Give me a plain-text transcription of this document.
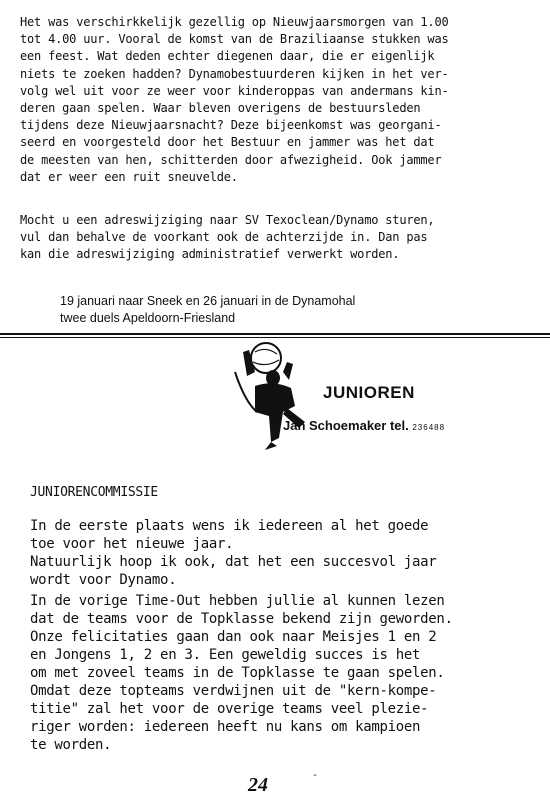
Het was verschirkkelijk gezellig op Nieuwjaarsmorgen van 1.00
tot 4.00 uur. Vooral de komst van de Braziliaanse stukken was
een feest. Wat deden echter diegenen daar, die er eigenlijk
niets te zoeken hadden? Dynamobestuurderen kijken in het ver-
volg wel uit voor ze weer voor kinderoppas van andermans kin-
deren gaan spelen. Waar bleven overigens de bestuursleden
tijdens deze Nieuwjaarsnacht? Deze bijeenkomst was georgani-
seerd en voorgesteld door het Bestuur en jammer was het dat
de meesten van hen, schitterden door afwezigheid. Ook jammer
dat er weer een ruit sneuvelde.

Mocht u een adreswijziging naar SV Texoclean/Dynamo sturen,
vul dan behalve de voorkant ook de achterzijde in. Dan pas
kan die adreswijziging administratief verwerkt worden.

19 januari naar Sneek en 26 januari in de Dynamohal
twee duels Apeldoorn-Friesland
JUNIOREN
Jan Schoemaker tel. 236488

JUNIORENCOMMISSIE

In de eerste plaats wens ik iedereen al het goede
toe voor het nieuwe jaar.
Natuurlijk hoop ik ook, dat het een succesvol jaar
wordt voor Dynamo.

In de vorige Time-Out hebben jullie al kunnen lezen
dat de teams voor de Topklasse bekend zijn geworden.
Onze felicitaties gaan dan ook naar Meisjes 1 en 2
en Jongens 1, 2 en 3. Een geweldig succes is het
om met zoveel teams in de Topklasse te gaan spelen.
Omdat deze topteams verdwijnen uit de "kern-kompe-
titie" zal het voor de overige teams veel plezie-
riger worden: iedereen heeft nu kans om kampioen
te worden.

24	-
